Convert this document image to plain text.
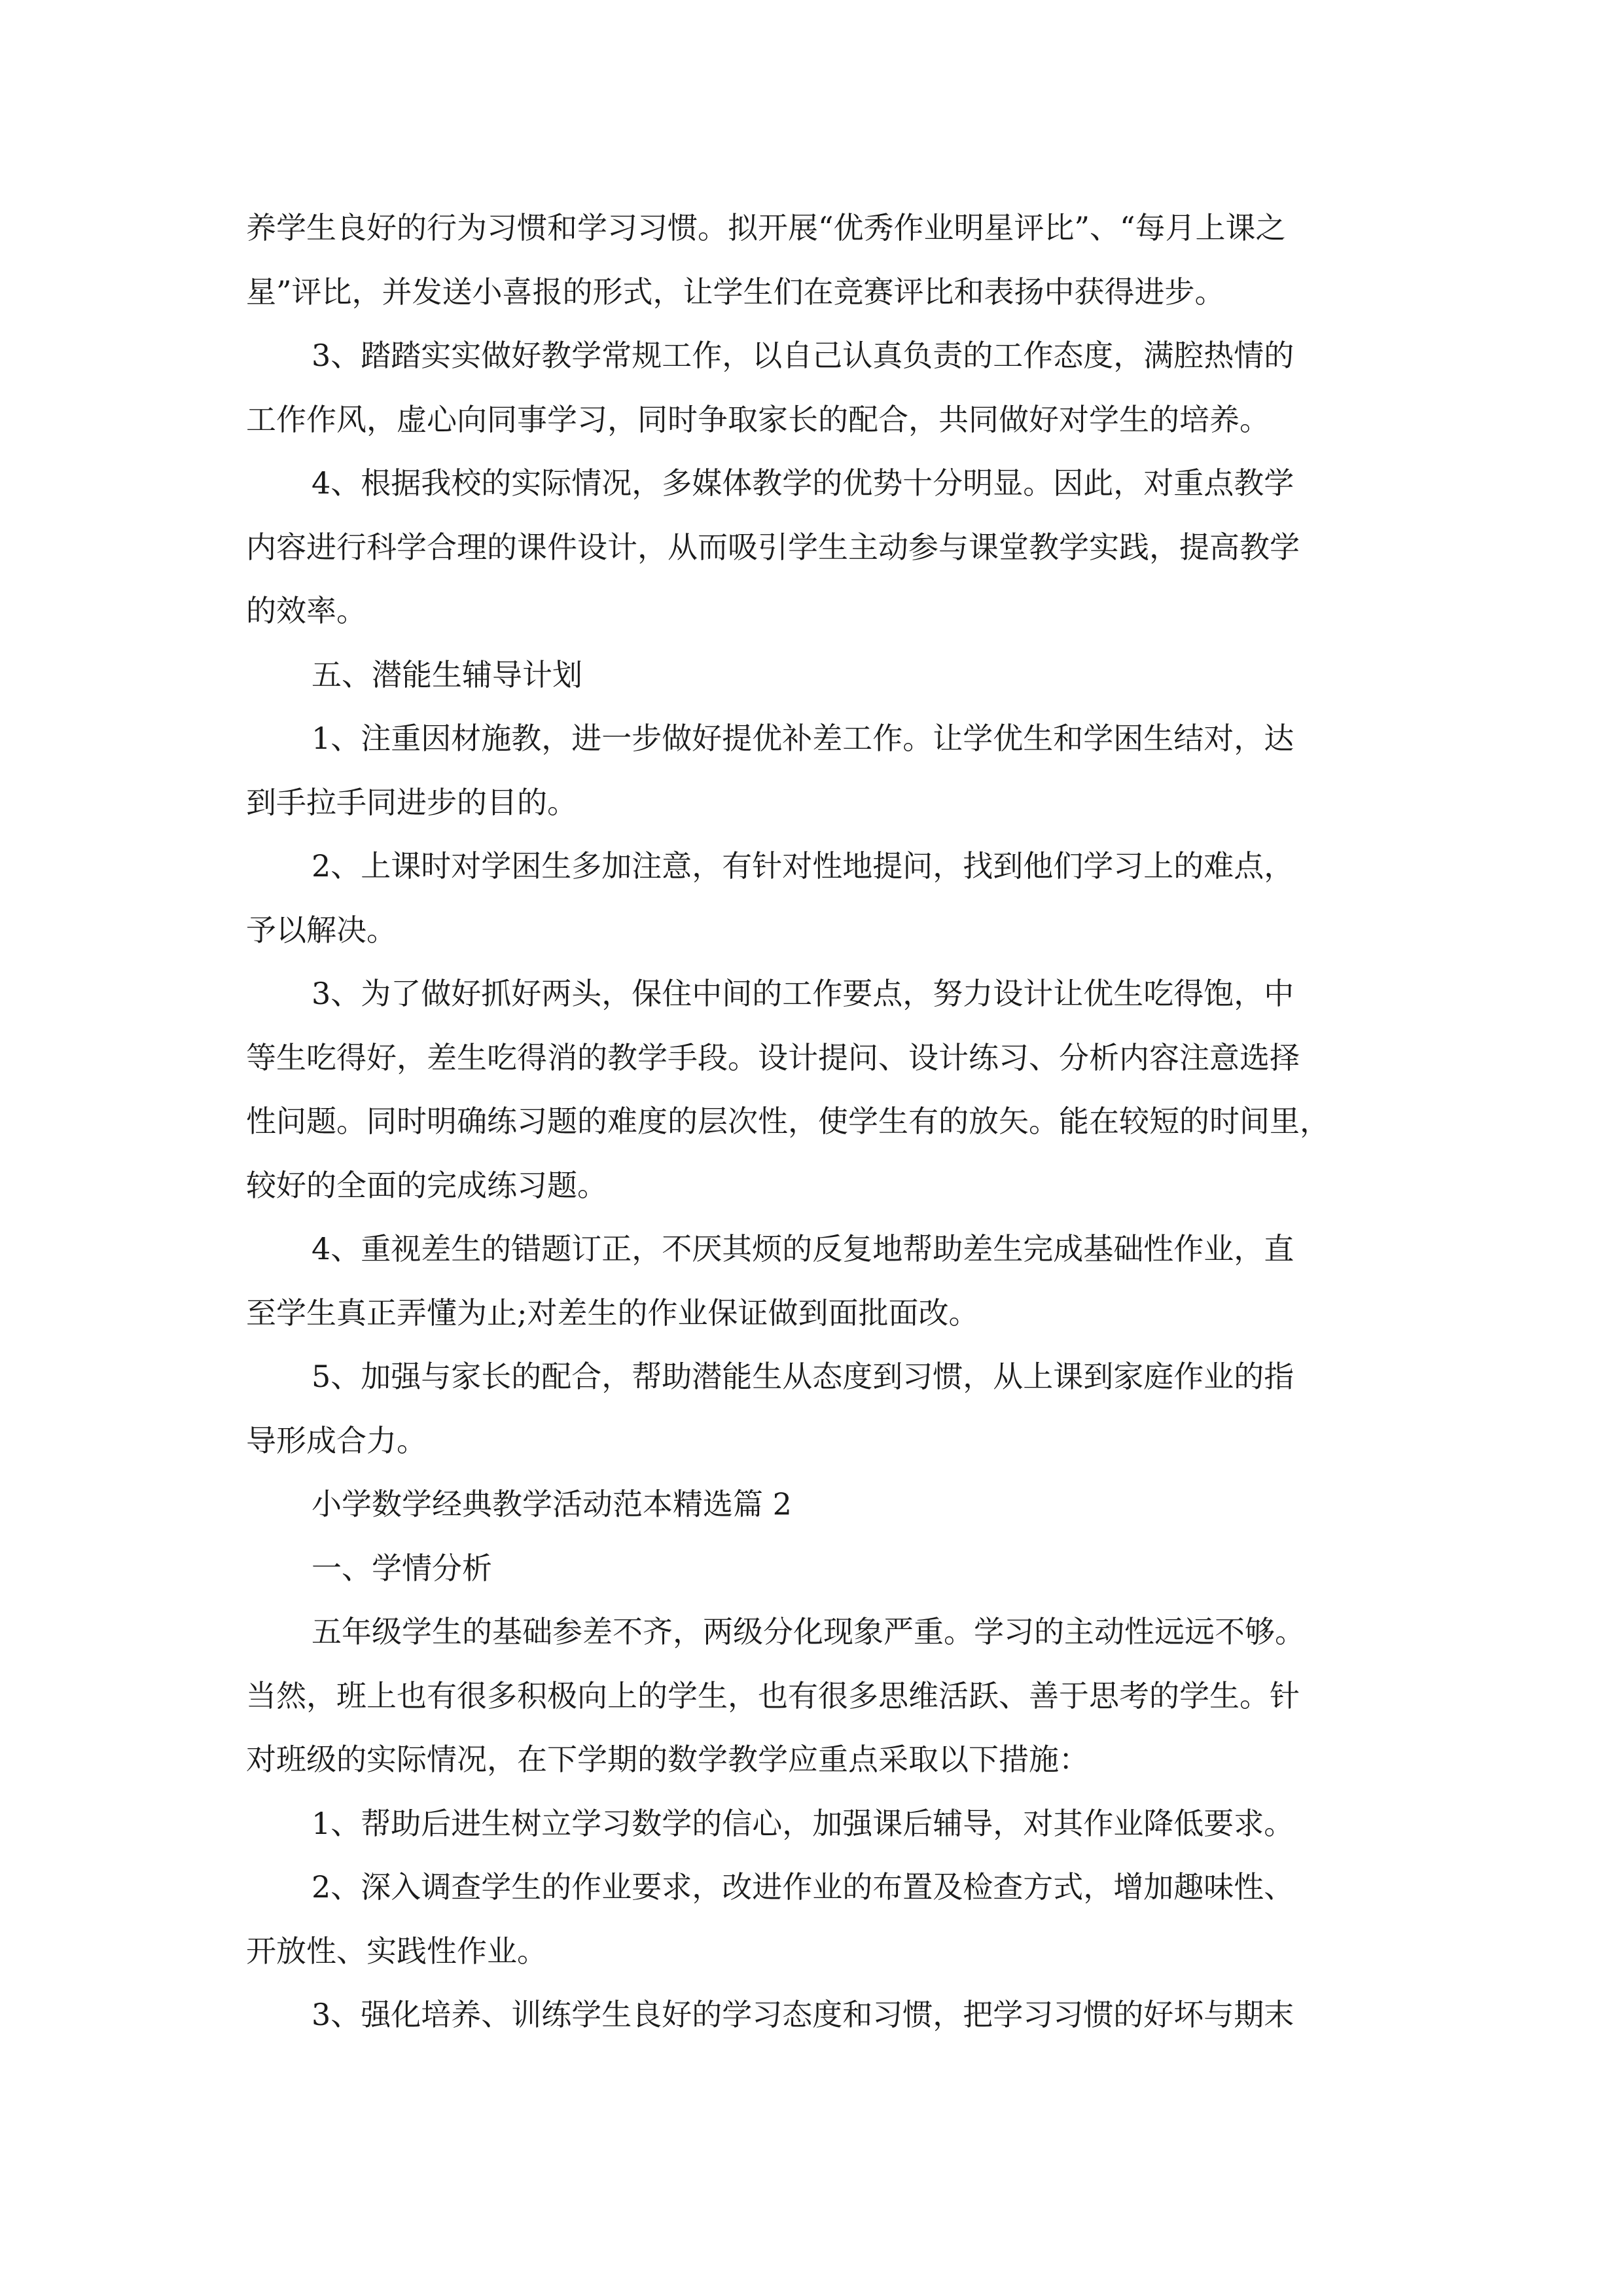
养学生良好的行为习惯和学习习惯。拟开展“优秀作业明星评比”、“每月上课之

星”评比，并发送小喜报的形式，让学生们在竞赛评比和表扬中获得进步。

3、踏踏实实做好教学常规工作，以自己认真负责的工作态度，满腔热情的

工作作风，虚心向同事学习，同时争取家长的配合，共同做好对学生的培养。

4、根据我校的实际情况，多媒体教学的优势十分明显。因此，对重点教学

内容进行科学合理的课件设计，从而吸引学生主动参与课堂教学实践，提高教学

的效率。

五、潜能生辅导计划

1、注重因材施教，进一步做好提优补差工作。让学优生和学困生结对，达

到手拉手同进步的目的。

2、上课时对学困生多加注意，有针对性地提问，找到他们学习上的难点，

予以解决。

3、为了做好抓好两头，保住中间的工作要点，努力设计让优生吃得饱，中

等生吃得好，差生吃得消的教学手段。设计提问、设计练习、分析内容注意选择

性问题。同时明确练习题的难度的层次性，使学生有的放矢。能在较短的时间里，

较好的全面的完成练习题。

4、重视差生的错题订正，不厌其烦的反复地帮助差生完成基础性作业，直

至学生真正弄懂为止;对差生的作业保证做到面批面改。

5、加强与家长的配合，帮助潜能生从态度到习惯，从上课到家庭作业的指

导形成合力。

小学数学经典教学活动范本精选篇 2

一、学情分析

五年级学生的基础参差不齐，两级分化现象严重。学习的主动性远远不够。

当然，班上也有很多积极向上的学生，也有很多思维活跃、善于思考的学生。针

对班级的实际情况，在下学期的数学教学应重点采取以下措施：

1、帮助后进生树立学习数学的信心，加强课后辅导，对其作业降低要求。

2、深入调查学生的作业要求，改进作业的布置及检查方式，增加趣味性、

开放性、实践性作业。

3、强化培养、训练学生良好的学习态度和习惯，把学习习惯的好坏与期末
